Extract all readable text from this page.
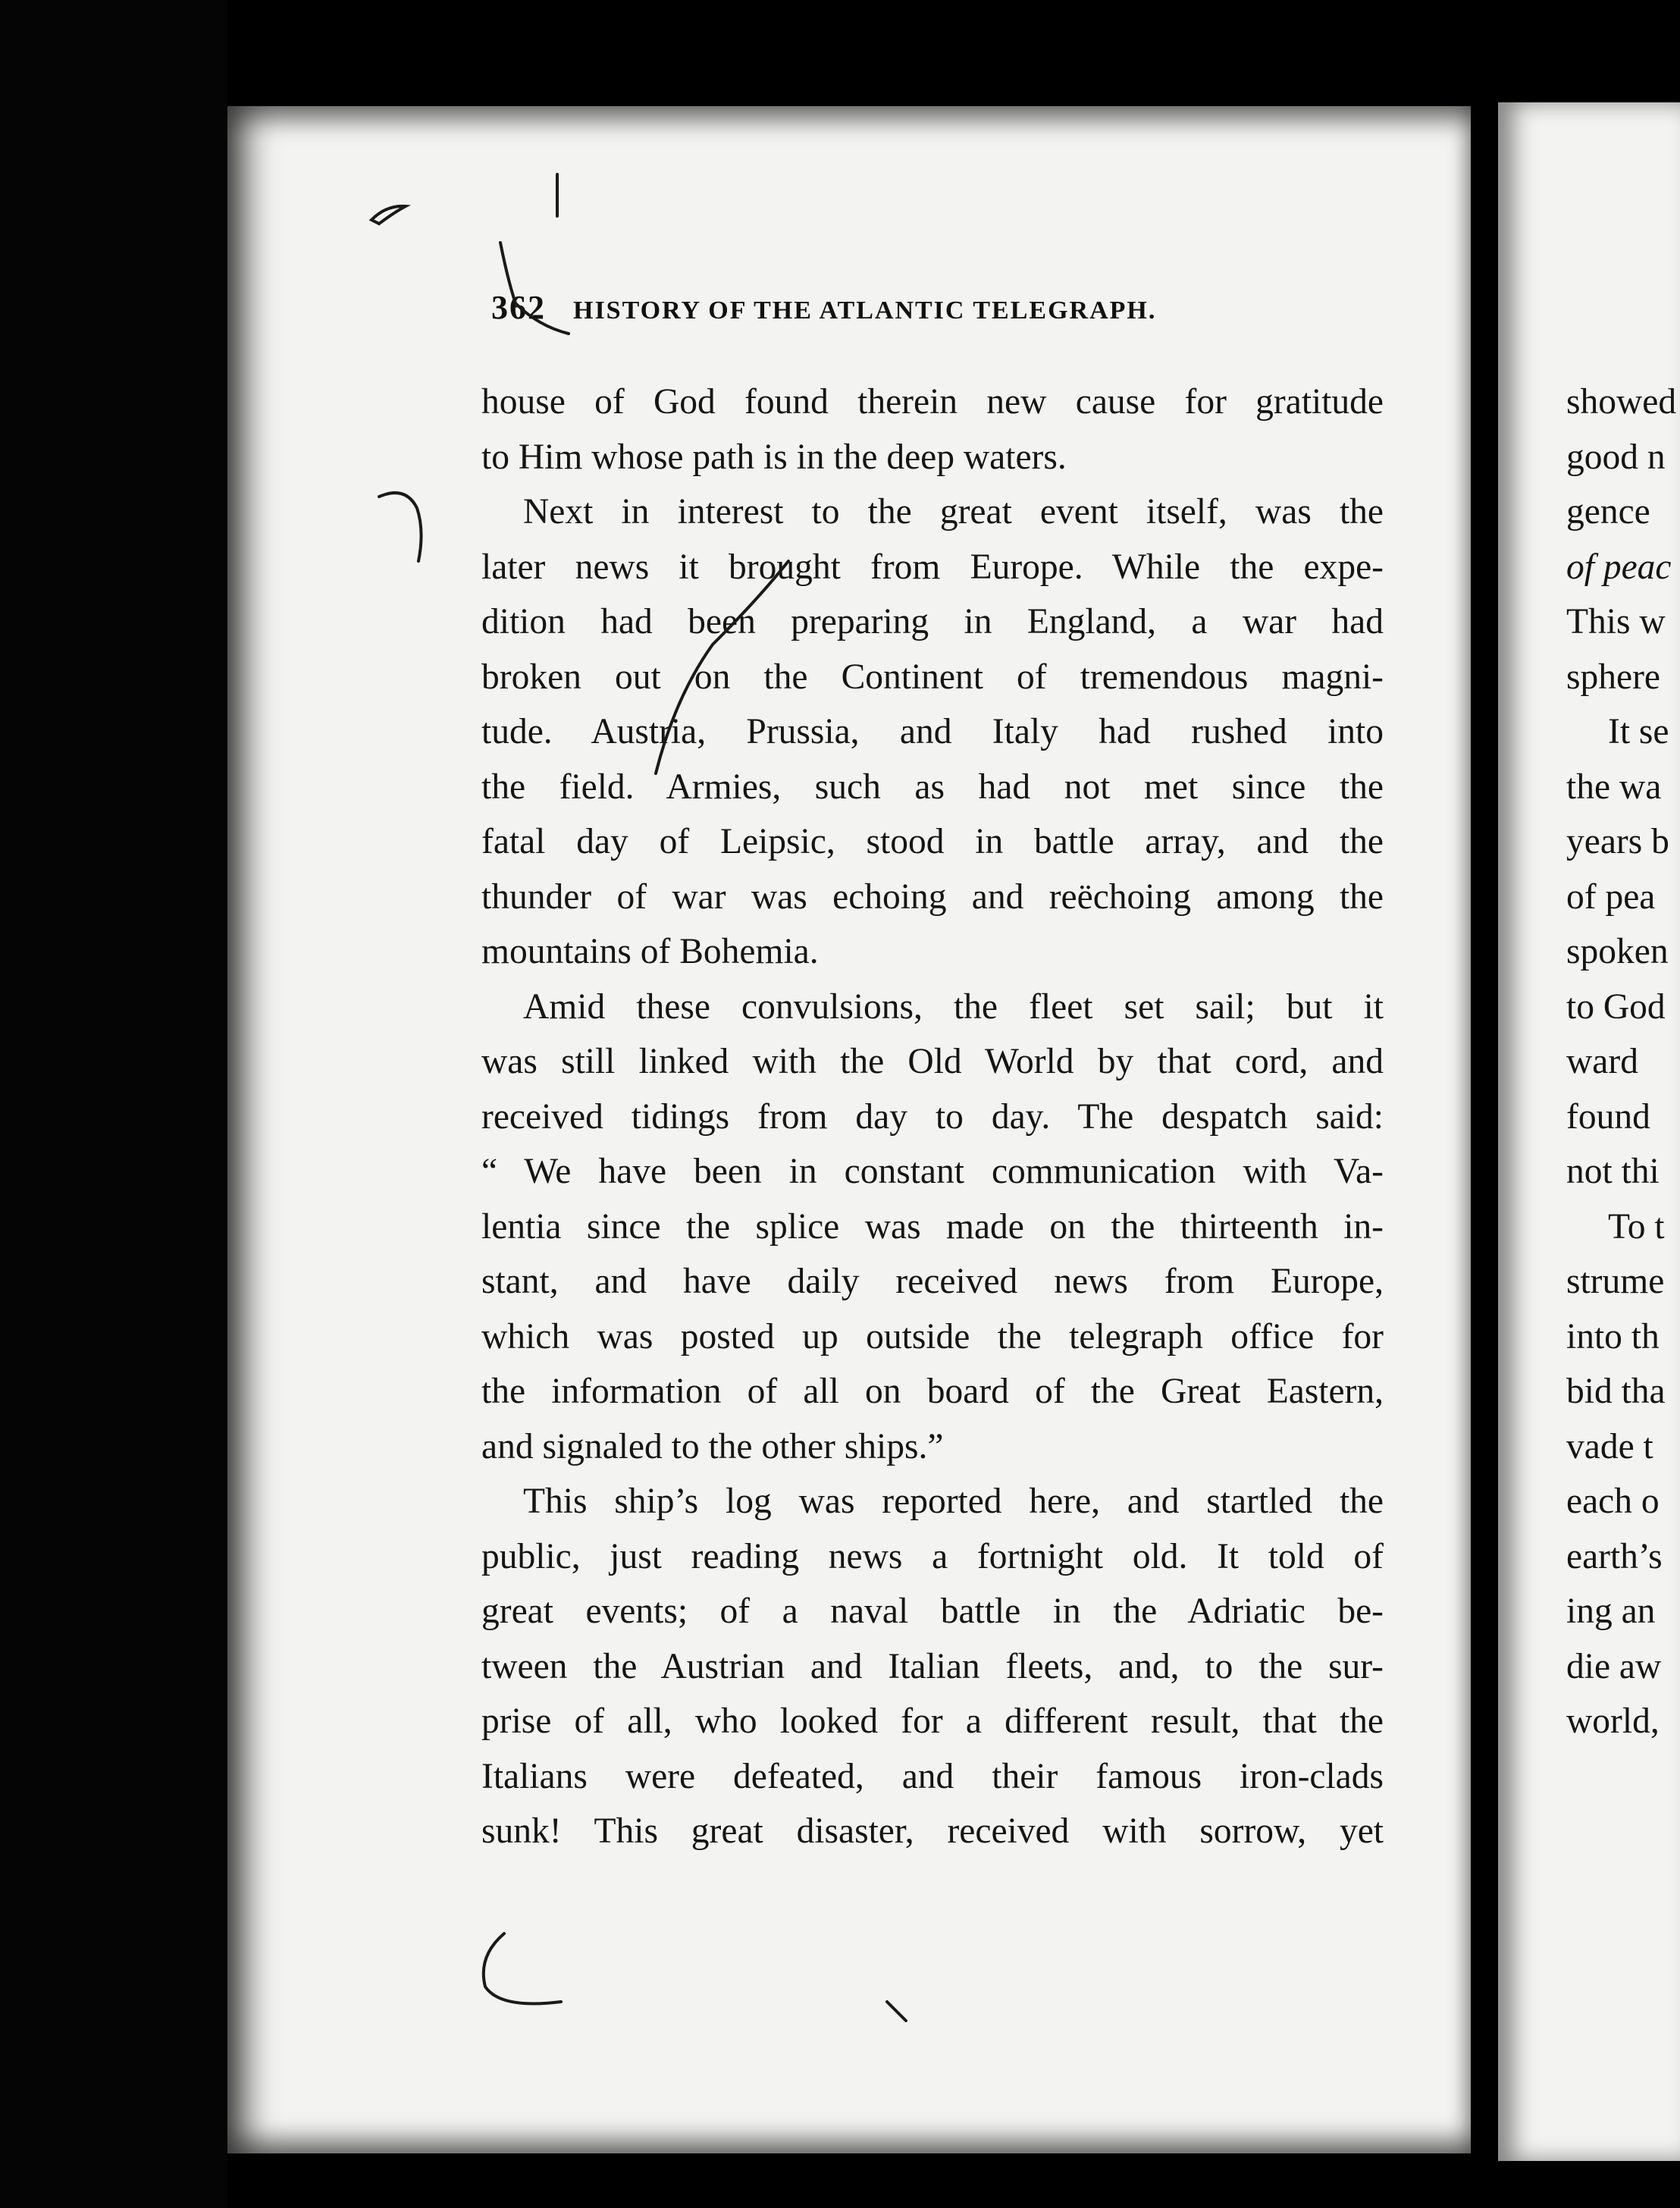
362 HISTORY OF THE ATLANTIC TELEGRAPH.
house of God found therein new cause for gratitude
to Him whose path is in the deep waters.
Next in interest to the great event itself, was the
later news it brought from Europe. While the expe-
dition had been preparing in England, a war had
broken out on the Continent of tremendous magni-
tude. Austria, Prussia, and Italy had rushed into
the field. Armies, such as had not met since the
fatal day of Leipsic, stood in battle array, and the
thunder of war was echoing and reëchoing among the
mountains of Bohemia.
Amid these convulsions, the fleet set sail; but it
was still linked with the Old World by that cord, and
received tidings from day to day. The despatch said:
“ We have been in constant communication with Va-
lentia since the splice was made on the thirteenth in-
stant, and have daily received news from Europe,
which was posted up outside the telegraph office for
the information of all on board of the Great Eastern,
and signaled to the other ships.”
This ship’s log was reported here, and startled the
public, just reading news a fortnight old. It told of
great events; of a naval battle in the Adriatic be-
tween the Austrian and Italian fleets, and, to the sur-
prise of all, who looked for a different result, that the
Italians were defeated, and their famous iron-clads
sunk! This great disaster, received with sorrow, yet
showed
good n
gence
of peac
This w
sphere
It se
the wa
years b
of pea
spoken
to God
ward
found
not thi
To t
strume
into th
bid tha
vade t
each o
earth’s
ing an
die aw
world,
